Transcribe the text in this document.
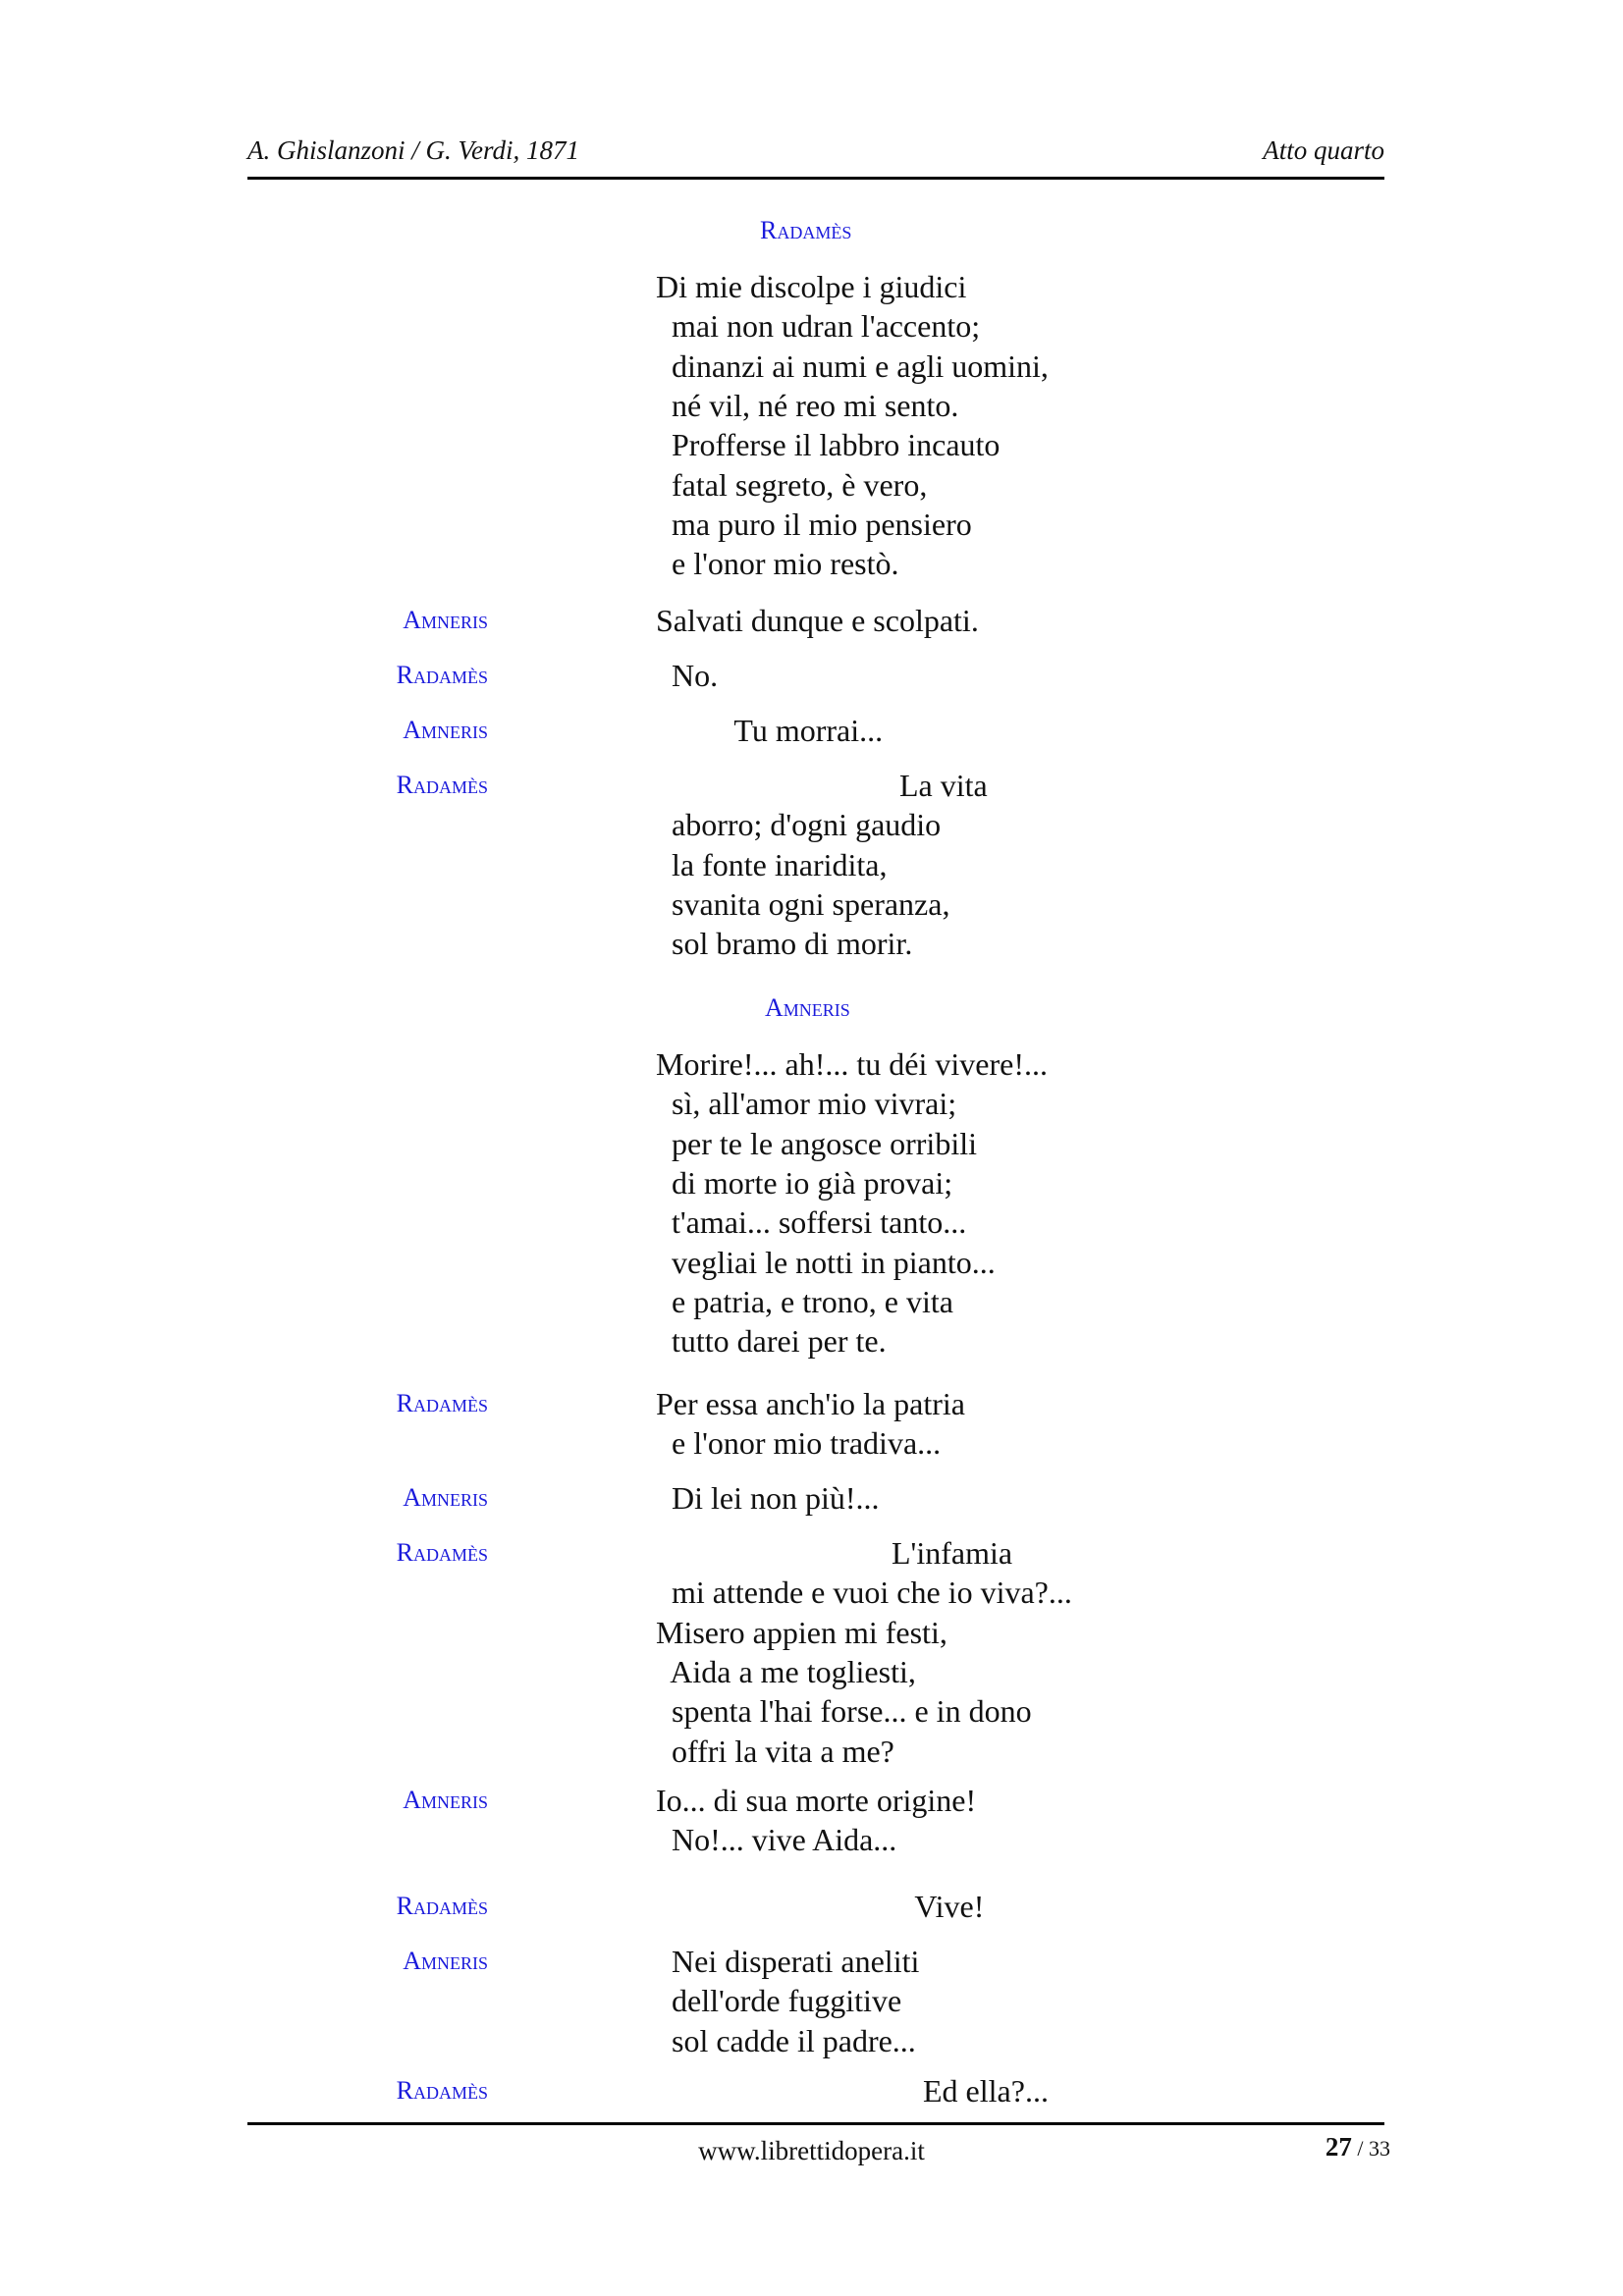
A. Ghislanzoni / G. Verdi, 1871	Atto quarto
Radamès
Di mie discolpe i giudici
mai non udran l'accento;
dinanzi ai numi e agli uomini,
né vil, né reo mi sento.
Profferse il labbro incauto
fatal segreto, è vero,
ma puro il mio pensiero
e l'onor mio restò.
Amneris	Salvati dunque e scolpati.
Radamès	No.
Amneris	Tu morrai...
Radamès	La vita
aborro; d'ogni gaudio
la fonte inaridita,
svanita ogni speranza,
sol bramo di morir.
Amneris
Morire!... ah!... tu déi vivere!...
sì, all'amor mio vivrai;
per te le angosce orribili
di morte io già provai;
t'amai... soffersi tanto...
vegliai le notti in pianto...
e patria, e trono, e vita
tutto darei per te.
Radamès	Per essa anch'io la patria
e l'onor mio tradiva...
Amneris	Di lei non più!...
Radamès	L'infamia
mi attende e vuoi che io viva?...
Misero appien mi festi,
Aida a me togliesti,
spenta l'hai forse... e in dono
offri la vita a me?
Amneris	Io... di sua morte origine!
No!... vive Aida...
Radamès	Vive!
Amneris	Nei disperati aneliti
dell'orde fuggitive
sol cadde il padre...
Radamès	Ed ella?...
www.librettidopera.it	27 / 33
